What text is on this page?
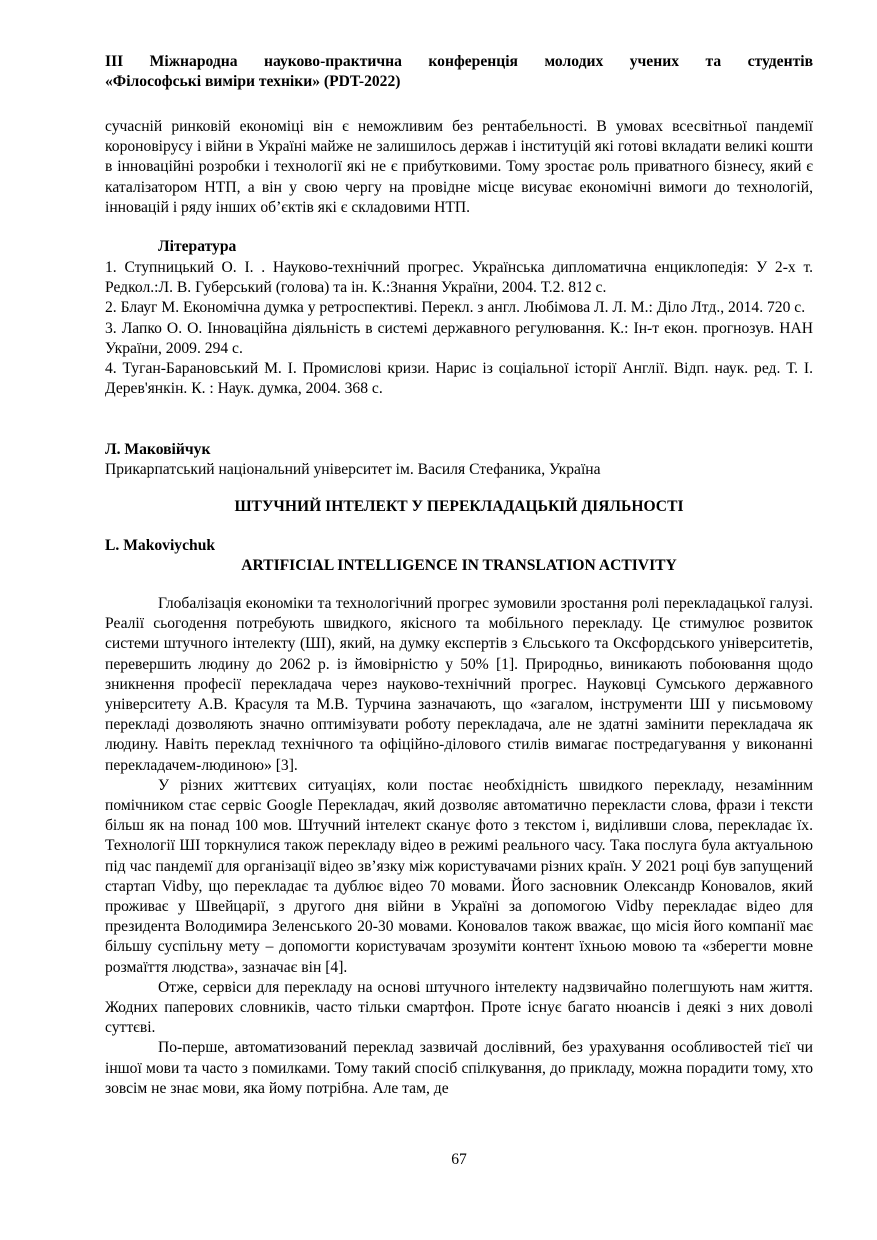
ІІІ Міжнародна науково-практична конференція молодих учених та студентів
«Філософські виміри техніки» (PDT-2022)

сучасній ринковій економіці він є неможливим без рентабельності. В умовах всесвітньої пандемії короновірусу і війни в Україні майже не залишилось держав і інституцій які готові вкладати великі кошти в інноваційні розробки і технології які не є прибутковими. Тому зростає роль приватного бізнесу, який є каталізатором НТП, а він у свою чергу на провідне місце висуває економічні вимоги до технологій, інновацій і ряду інших об’єктів які є складовими НТП.

Література

1. Ступницький О. І. . Науково-технічний прогрес. Українська дипломатична енциклопедія: У 2-х т. Редкол.:Л. В. Губерський (голова) та ін. К.:Знання України, 2004. Т.2. 812 с.

2. Блауг М. Економічна думка у ретроспективі. Перекл. з англ. Любімова Л. Л. М.: Діло Лтд., 2014. 720 с.

3. Лапко О. О. Інноваційна діяльність в системі державного регулювання. К.: Ін-т екон. прогнозув. НАН України, 2009. 294 с.

4. Туган-Барановський М. І. Промислові кризи. Нарис із соціальної історії Англії. Відп. наук. ред. Т. І. Дерев'янкін. К. : Наук. думка, 2004. 368 с.

Л. Маковійчук
Прикарпатський національний університет ім. Василя Стефаника, Україна
ШТУЧНИЙ ІНТЕЛЕКТ У ПЕРЕКЛАДАЦЬКІЙ ДІЯЛЬНОСТІ
L. Makoviychuk
ARTIFICIAL INTELLIGENCE IN TRANSLATION ACTIVITY

Глобалізація економіки та технологічний прогрес зумовили зростання ролі перекладацької галузі. Реалії сьогодення потребують швидкого, якісного та мобільного перекладу. Це стимулює розвиток системи штучного інтелекту (ШІ), який, на думку експертів з Єльського та Оксфордського університетів, перевершить людину до 2062 р. із ймовірністю у 50% [1]. Природньо, виникають побоювання щодо зникнення професії перекладача через науково-технічний прогрес. Науковці Сумського державного університету А.В. Красуля та М.В. Турчина зазначають, що «загалом, інструменти ШІ у письмовому перекладі дозволяють значно оптимізувати роботу перекладача, але не здатні замінити перекладача як людину. Навіть переклад технічного та офіційно-ділового стилів вимагає постредагування у виконанні перекладачем-людиною» [3].

У різних життєвих ситуаціях, коли постає необхідність швидкого перекладу, незамінним помічником стає сервіс Google Перекладач, який дозволяє автоматично перекласти слова, фрази і тексти більш як на понад 100 мов. Штучний інтелект сканує фото з текстом і, виділивши слова, перекладає їх. Технології ШІ торкнулися також перекладу відео в режимі реального часу. Така послуга була актуальною під час пандемії для організації відео зв’язку між користувачами різних країн. У 2021 році був запущений стартап Vidby, що перекладає та дублює відео 70 мовами. Його засновник Олександр Коновалов, який проживає у Швейцарії, з другого дня війни в Україні за допомогою Vidby перекладає відео для президента Володимира Зеленського 20-30 мовами. Коновалов також вважає, що місія його компанії має більшу суспільну мету – допомогти користувачам зрозуміти контент їхньою мовою та «зберегти мовне розмаїття людства», зазначає він [4].

Отже, сервіси для перекладу на основі штучного інтелекту надзвичайно полегшують нам життя. Жодних паперових словників, часто тільки смартфон. Проте існує багато нюансів і деякі з них доволі суттєві.

По-перше, автоматизований переклад зазвичай дослівний, без урахування особливостей тієї чи іншої мови та часто з помилками. Тому такий спосіб спілкування, до прикладу, можна порадити тому, хто зовсім не знає мови, яка йому потрібна. Але там, де

67
